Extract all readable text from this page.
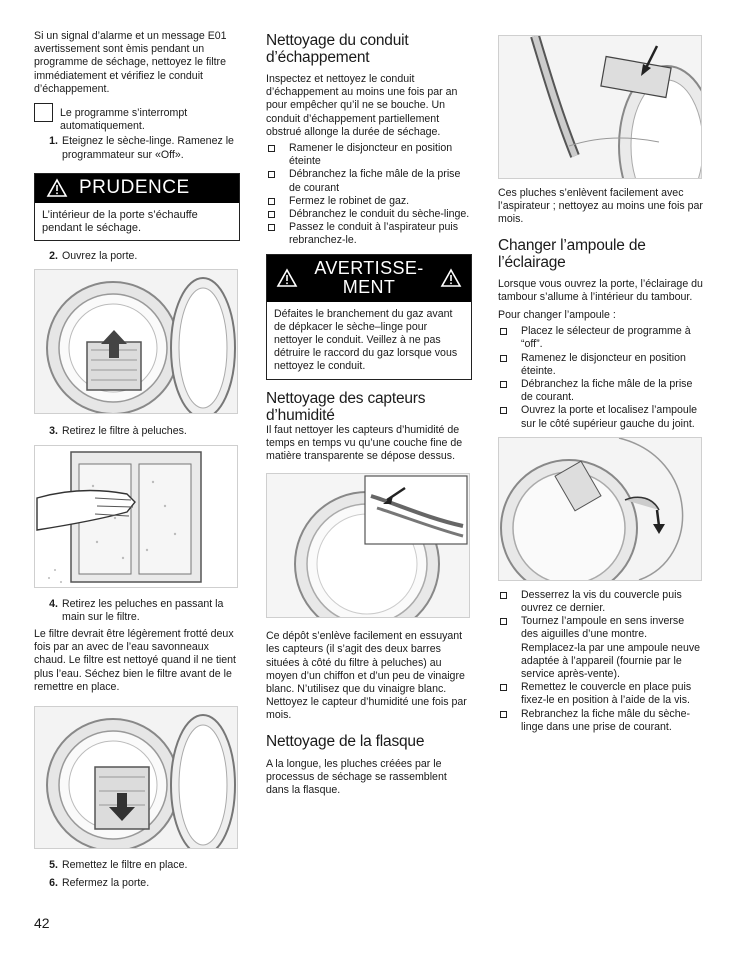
Si un signal d’alarme et un message E01 avertissement sont èmis pendant un programme de séchage, nettoyez le filtre immédiatement et vérifiez le conduit d’échappement.

Le programme s’interrompt automatiquement.

1. Eteignez le sèche-linge. Ramenez le programmateur sur «Off».
PRUDENCE
L’intérieur de la porte s’échauffe pendant le séchage.
2. Ouvrez la porte.
3. Retirez le filtre à peluches.
4. Retirez les peluches en passant la main sur le filtre.

Le filtre devrait être légèrement frotté deux fois par an avec de l’eau savonneaux chaud. Le filtre est nettoyé quand il ne tient plus l’eau. Séchez bien le filtre avant de le remettre en place.

5. Remettez le filtre en place.
6. Refermez la porte.
Nettoyage du conduit d’échappement

Inspectez et nettoyez le conduit d’échappement au moins une fois par an pour empêcher qu’il ne se bouche. Un conduit d’échappement partiellement obstrué allonge la durée de séchage.

Ramener le disjoncteur en position éteinte
Débranchez la fiche mâle de la prise de courant
Fermez le robinet de gaz.
Débranchez le conduit du sèche-linge.
Passez le conduit à l’aspirateur puis rebranchez-le.
AVERTISSE-
MENT
Défaites le branchement du gaz avant de dépkacer le sèche–linge pour nettoyer le conduit. Veillez à ne pas détruire le raccord du gaz lorsque vous nettoyez le conduit.
Nettoyage des capteurs d’humidité

Il faut nettoyer les capteurs d’humidité de temps en temps vu qu’une couche fine de matière transparente se dépose dessus.

Ce dépôt s’enlève facilement en essuyant les capteurs (il s’agit des deux barres situées à côté du filtre à peluches) au moyen d’un chiffon et d’un peu de vinaigre blanc. N’utilisez que du vinaigre blanc. Nettoyez le capteur d’humidité une fois par mois.

Nettoyage de la flasque

A la longue, les pluches créées par le processus de séchage se rassemblent dans la flasque.

Ces pluches s’enlèvent facilement avec l’aspirateur ; nettoyez au moins une fois par mois.

Changer l’ampoule de l’éclairage

Lorsque vous ouvrez la porte, l’éclairage du tambour s’allume à l’intérieur du tambour.

Pour changer l’ampoule :

Placez le sélecteur de programme à “off”.
Ramenez le disjoncteur en position éteinte.
Débranchez la fiche mâle de la prise de courant.
Ouvrez la porte et localisez l’ampoule sur le côté supérieur gauche du joint.
Desserrez la vis du couvercle puis ouvrez ce dernier.
Tournez l’ampoule en sens inverse des aiguilles d’une montre. Remplacez-la par une ampoule neuve adaptée à l’appareil (fournie par le service après-vente).
Remettez le couvercle en place puis fixez-le en position à l’aide de la vis.
Rebranchez la fiche mâle du sèche-linge dans une prise de courant.
42
